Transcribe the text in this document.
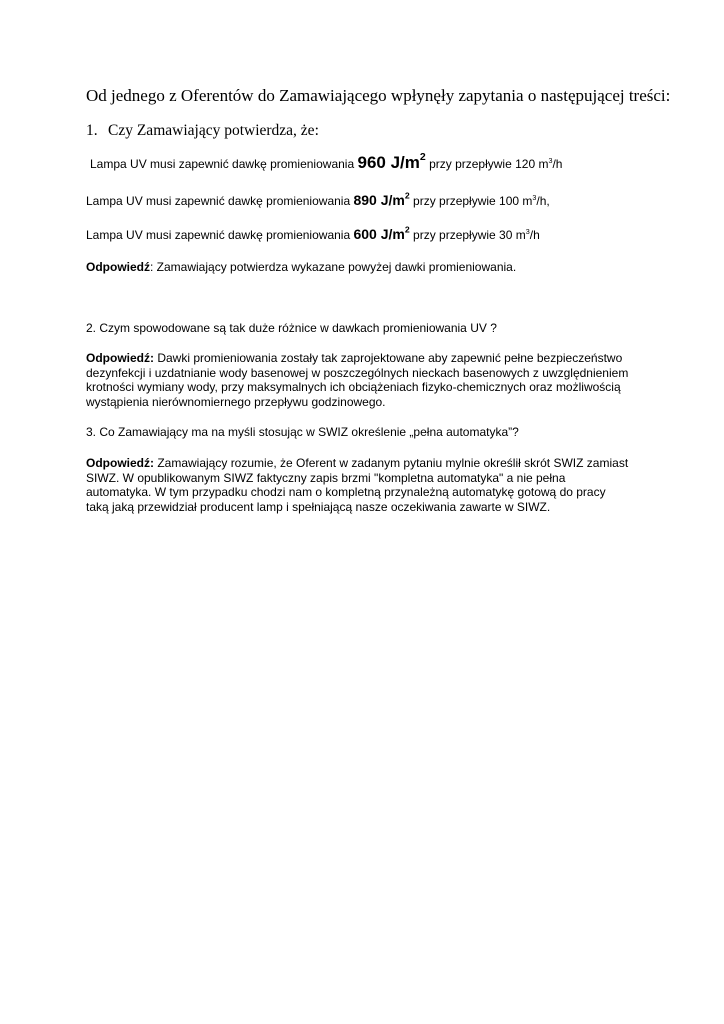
Od jednego z Oferentów do Zamawiającego wpłynęły zapytania o następującej treści:
1. Czy Zamawiający potwierdza, że:
Lampa UV musi zapewnić dawkę promieniowania 960 $J/m^2$ przy przepływie 120 $m^3/h$
Lampa UV musi zapewnić dawkę promieniowania 890 $J/m^2$ przy przepływie 100 $m^3/h$,
Lampa UV musi zapewnić dawkę promieniowania 600 $J/m^2$ przy przepływie 30 $m^3/h$
Odpowiedź: Zamawiający potwierdza wykazane powyżej dawki promieniowania.
2. Czym spowodowane są tak duże różnice w dawkach promieniowania UV ?
Odpowiedź: Dawki promieniowania zostały tak zaprojektowane aby zapewnić pełne bezpieczeństwo
dezynfekcji i uzdatnianie wody basenowej w poszczególnych nieckach basenowych z uwzględnieniem
krotności wymiany wody, przy maksymalnych ich obciążeniach fizyko-chemicznych oraz możliwością
wystąpienia nierównomiernego przepływu godzinowego.
3. Co Zamawiający ma na myśli stosując w SWIZ określenie „pełna automatyka”?
Odpowiedź: Zamawiający rozumie, że Oferent w zadanym pytaniu mylnie określił skrót SWIZ zamiast
SIWZ. W opublikowanym SIWZ faktyczny zapis brzmi "kompletna automatyka" a nie pełna
automatyka. W tym przypadku chodzi nam o kompletną przynależną automatykę gotową do pracy
taką jaką przewidział producent lamp i spełniającą nasze oczekiwania zawarte w SIWZ.
